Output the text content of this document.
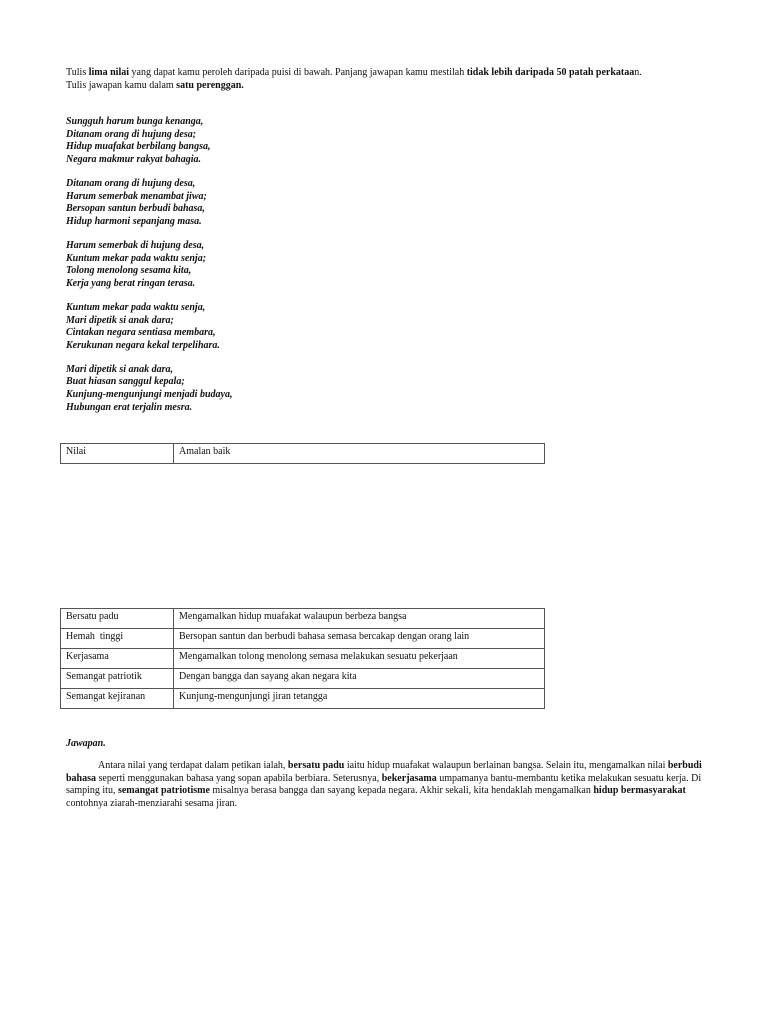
Tulis lima nilai yang dapat kamu peroleh daripada puisi di bawah. Panjang jawapan kamu mestilah tidak lebih daripada 50 patah perkataan.
Tulis jawapan kamu dalam satu perenggan.
Sungguh harum bunga kenanga,
Ditanam orang di hujung desa;
Hidup muafakat berbilang bangsa,
Negara makmur rakyat bahagia.
Ditanam orang di hujung desa,
Harum semerbak menambat jiwa;
Bersopan santun berbudi bahasa,
Hidup harmoni sepanjang masa.
Harum semerbak di hujung desa,
Kuntum mekar pada waktu senja;
Tolong menolong sesama kita,
Kerja yang berat ringan terasa.
Kuntum mekar pada waktu senja,
Mari dipetik si anak dara;
Cintakan negara sentiasa membara,
Kerukunan negara kekal terpelihara.
Mari dipetik si anak dara,
Buat hiasan sanggul kepala;
Kunjung-mengunjungi menjadi budaya,
Hubungan erat terjalin mesra.
Nilai	Amalan baik
Bersatu padu	Mengamalkan hidup muafakat walaupun berbeza bangsa
Hemah  tinggi	Bersopan santun dan berbudi bahasa semasa bercakap dengan orang lain
Kerjasama	Mengamalkan tolong menolong semasa melakukan sesuatu pekerjaan
Semangat patriotik	Dengan bangga dan sayang akan negara kita
Semangat kejiranan	Kunjung-mengunjungi jiran tetangga
Jawapan.
Antara nilai yang terdapat dalam petikan ialah, bersatu padu iaitu hidup muafakat walaupun berlainan bangsa. Selain itu, mengamalkan nilai berbudi bahasa seperti menggunakan bahasa yang sopan apabila berbiara. Seterusnya, bekerjasama umpamanya bantu-membantu ketika melakukan sesuatu kerja. Di samping itu, semangat patriotisme misalnya berasa bangga dan sayang kepada negara. Akhir sekali, kita hendaklah mengamalkan hidup bermasyarakat contohnya ziarah-menziarahi sesama jiran.
